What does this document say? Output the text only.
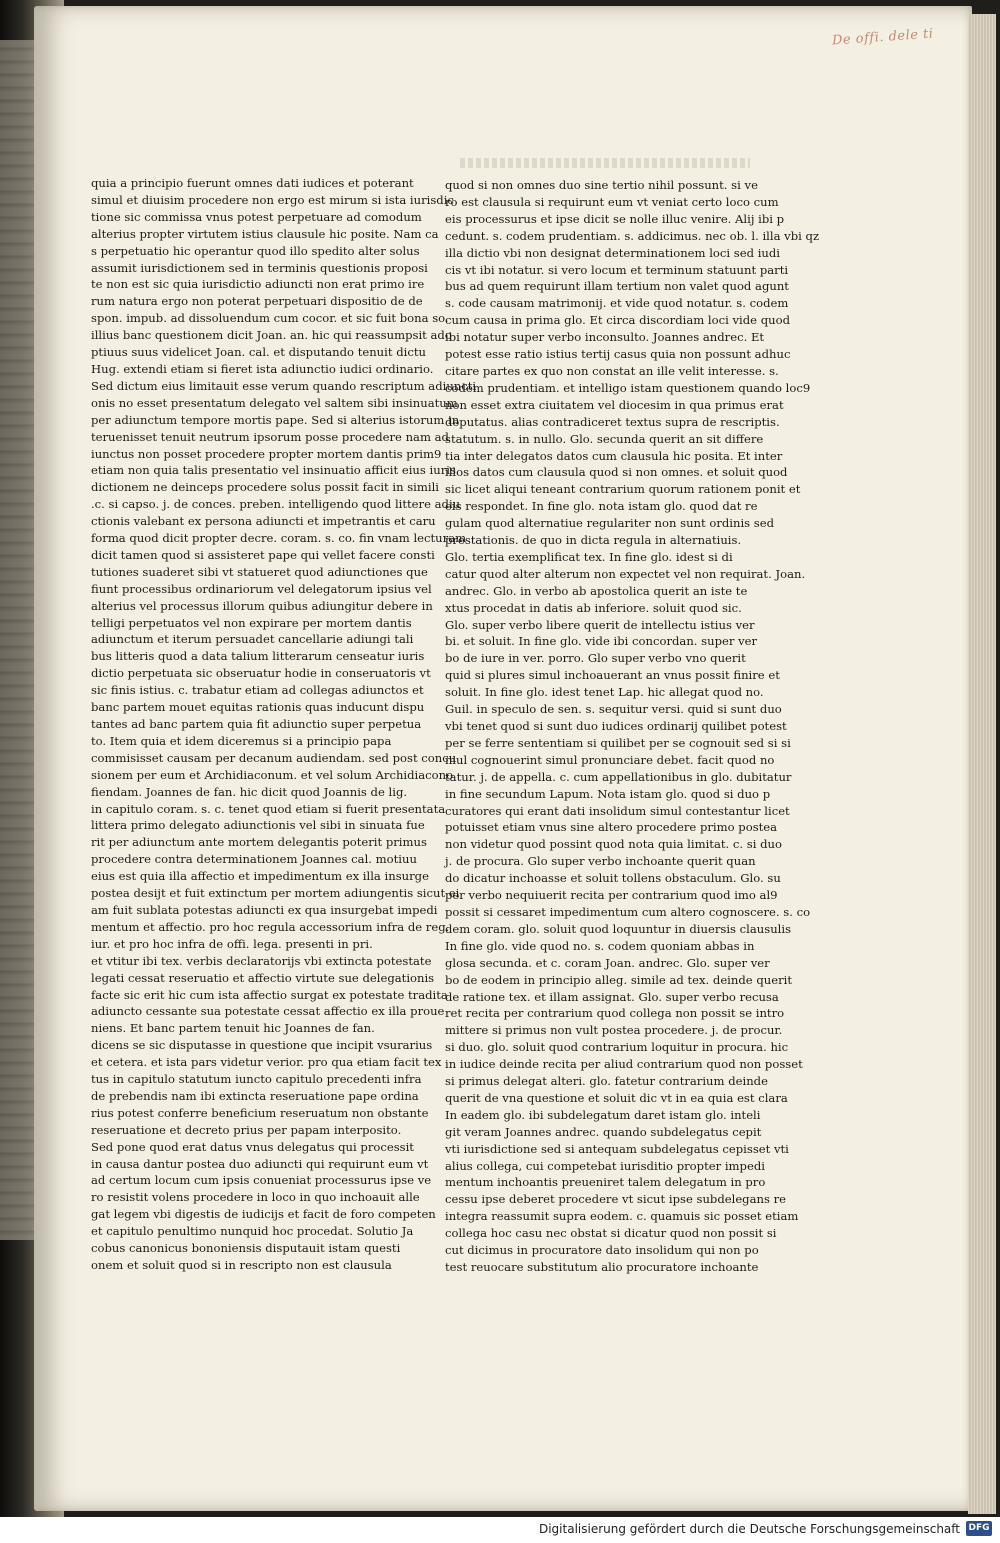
De offi. dele ti
quia a principio fuerunt omnes dati iudices et poterant
simul et diuisim procedere non ergo est mirum si ista iurisdic
tione sic commissa vnus potest perpetuare ad comodum
alterius propter virtutem istius clausule hic posite. Nam ca
s perpetuatio hic operantur quod illo spedito alter solus
assumit iurisdictionem sed in terminis questionis proposi
te non est sic quia iurisdictio adiuncti non erat primo ire
rum natura ergo non poterat perpetuari dispositio de de
spon. impub. ad dissoluendum cum cocor. et sic fuit bona so.
illius banc questionem dicit Joan. an. hic qui reassumpsit ado
ptiuus suus videlicet Joan. cal. et disputando tenuit dictu
Hug. extendi etiam si fieret ista adiunctio iudici ordinario.
Sed dictum eius limitauit esse verum quando rescriptum adiuncti
onis no esset presentatum delegato vel saltem sibi insinuatum
per adiunctum tempore mortis pape. Sed si alterius istorum in
teruenisset tenuit neutrum ipsorum posse procedere nam ad
iunctus non posset procedere propter mortem dantis prim9
etiam non quia talis presentatio vel insinuatio afficit eius iuris
dictionem ne deinceps procedere solus possit facit in simili
.c. si capso. j. de conces. preben. intelligendo quod littere adiu
ctionis valebant ex persona adiuncti et impetrantis et caru
forma quod dicit propter decre. coram. s. co. fin vnam lecturam
dicit tamen quod si assisteret pape qui vellet facere consti
tutiones suaderet sibi vt statueret quod adiunctiones que
fiunt processibus ordinariorum vel delegatorum ipsius vel
alterius vel processus illorum quibus adiungitur debere in
telligi perpetuatos vel non expirare per mortem dantis
adiunctum et iterum persuadet cancellarie adiungi tali
bus litteris quod a data talium litterarum censeatur iuris
dictio perpetuata sic obseruatur hodie in conseruatoris vt
sic finis istius. c. trabatur etiam ad collegas adiunctos et
banc partem mouet equitas rationis quas inducunt dispu
tantes ad banc partem quia fit adiunctio super perpetua
to. Item quia et idem diceremus si a principio papa
commisisset causam per decanum audiendam. sed post concu
sionem per eum et Archidiaconum. et vel solum Archidiacono
fiendam. Joannes de fan. hic dicit quod Joannis de lig.
in capitulo coram. s. c. tenet quod etiam si fuerit presentata
littera primo delegato adiunctionis vel sibi in sinuata fue
rit per adiunctum ante mortem delegantis poterit primus
procedere contra determinationem Joannes cal. motiuu
eius est quia illa affectio et impedimentum ex illa insurge
postea desijt et fuit extinctum per mortem adiungentis sicut ei
am fuit sublata potestas adiuncti ex qua insurgebat impedi
mentum et affectio. pro hoc regula accessorium infra de reg.
iur. et pro hoc infra de offi. lega. presenti in pri.
et vtitur ibi tex. verbis declaratorijs vbi extincta potestate
legati cessat reseruatio et affectio virtute sue delegationis
facte sic erit hic cum ista affectio surgat ex potestate tradita
adiuncto cessante sua potestate cessat affectio ex illa proue
niens. Et banc partem tenuit hic Joannes de fan.
dicens se sic disputasse in questione que incipit vsurarius
et cetera. et ista pars videtur verior. pro qua etiam facit tex
tus in capitulo statutum iuncto capitulo precedenti infra
de prebendis nam ibi extincta reseruatione pape ordina
rius potest conferre beneficium reseruatum non obstante
reseruatione et decreto prius per papam interposito.
Sed pone quod erat datus vnus delegatus qui processit
in causa dantur postea duo adiuncti qui requirunt eum vt
ad certum locum cum ipsis conueniat processurus ipse ve
ro resistit volens procedere in loco in quo inchoauit alle
gat legem vbi digestis de iudicijs et facit de foro competen
et capitulo penultimo nunquid hoc procedat. Solutio Ja
cobus canonicus bononiensis disputauit istam questi
onem et soluit quod si in rescripto non est clausula
quod si non omnes duo sine tertio nihil possunt. si ve
ro est clausula si requirunt eum vt veniat certo loco cum
eis processurus et ipse dicit se nolle illuc venire. Alij ibi p
cedunt. s. codem prudentiam. s. addicimus. nec ob. l. illa vbi qz
illa dictio vbi non designat determinationem loci sed iudi
cis vt ibi notatur. si vero locum et terminum statuunt parti
bus ad quem requirunt illam tertium non valet quod agunt
s. code causam matrimonij. et vide quod notatur. s. codem
cum causa in prima glo. Et circa discordiam loci vide quod
ibi notatur super verbo inconsulto. Joannes andrec. Et
potest esse ratio istius tertij casus quia non possunt adhuc
citare partes ex quo non constat an ille velit interesse. s.
codem prudentiam. et intelligo istam questionem quando loc9
non esset extra ciuitatem vel diocesim in qua primus erat
deputatus. alias contradiceret textus supra de rescriptis.
statutum. s. in nullo. Glo. secunda querit an sit differe
tia inter delegatos datos cum clausula hic posita. Et inter
illos datos cum clausula quod si non omnes. et soluit quod
sic licet aliqui teneant contrarium quorum rationem ponit et
eis respondet. In fine glo. nota istam glo. quod dat re
gulam quod alternatiue regulariter non sunt ordinis sed
prestationis. de quo in dicta regula in alternatiuis.
Glo. tertia exemplificat tex. In fine glo. idest si di
catur quod alter alterum non expectet vel non requirat. Joan.
andrec. Glo. in verbo ab apostolica querit an iste te
xtus procedat in datis ab inferiore. soluit quod sic.
Glo. super verbo libere querit de intellectu istius ver
bi. et soluit. In fine glo. vide ibi concordan. super ver
bo de iure in ver. porro. Glo super verbo vno querit
quid si plures simul inchoauerant an vnus possit finire et
soluit. In fine glo. idest tenet Lap. hic allegat quod no.
Guil. in speculo de sen. s. sequitur versi. quid si sunt duo
vbi tenet quod si sunt duo iudices ordinarij quilibet potest
per se ferre sententiam si quilibet per se cognouit sed si si
mul cognouerint simul pronunciare debet. facit quod no
tatur. j. de appella. c. cum appellationibus in glo. dubitatur
in fine secundum Lapum. Nota istam glo. quod si duo p
curatores qui erant dati insolidum simul contestantur licet
potuisset etiam vnus sine altero procedere primo postea
non videtur quod possint quod nota quia limitat. c. si duo
j. de procura. Glo super verbo inchoante querit quan
do dicatur inchoasse et soluit tollens obstaculum. Glo. su
per verbo nequiuerit recita per contrarium quod imo al9
possit si cessaret impedimentum cum altero cognoscere. s. co
dem coram. glo. soluit quod loquuntur in diuersis clausulis
In fine glo. vide quod no. s. codem quoniam abbas in
glosa secunda. et c. coram Joan. andrec. Glo. super ver
bo de eodem in principio alleg. simile ad tex. deinde querit
de ratione tex. et illam assignat. Glo. super verbo recusa
ret recita per contrarium quod collega non possit se intro
mittere si primus non vult postea procedere. j. de procur.
si duo. glo. soluit quod contrarium loquitur in procura. hic
in iudice deinde recita per aliud contrarium quod non posset
si primus delegat alteri. glo. fatetur contrarium deinde
querit de vna questione et soluit dic vt in ea quia est clara
In eadem glo. ibi subdelegatum daret istam glo. inteli
git veram Joannes andrec. quando subdelegatus cepit
vti iurisdictione sed si antequam subdelegatus cepisset vti
alius collega, cui competebat iurisditio propter impedi
mentum inchoantis preueniret talem delegatum in pro
cessu ipse deberet procedere vt sicut ipse subdelegans re
integra reassumit supra eodem. c. quamuis sic posset etiam
collega hoc casu nec obstat si dicatur quod non possit si
cut dicimus in procuratore dato insolidum qui non po
test reuocare substitutum alio procuratore inchoante
Digitalisierung gefördert durch die Deutsche Forschungsgemeinschaft DFG
